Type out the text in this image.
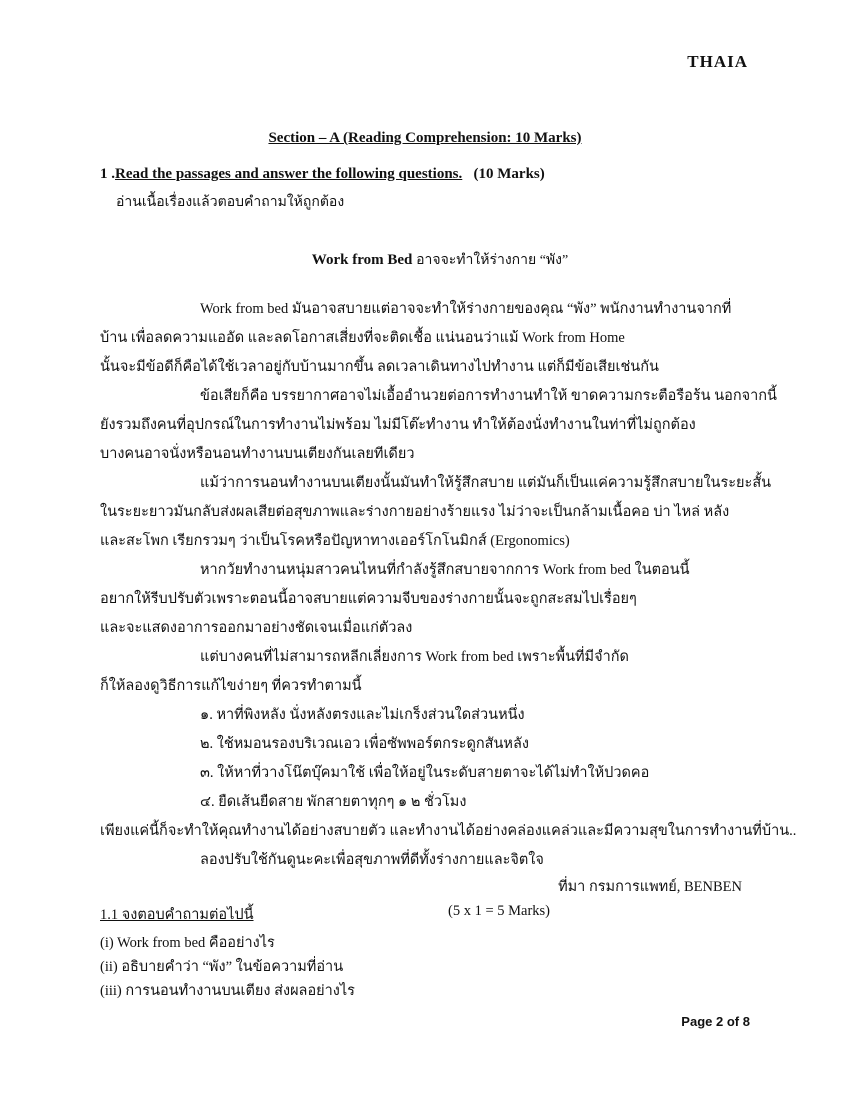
THAIA
Section – A (Reading Comprehension: 10 Marks)
1 .Read the passages and answer the following questions. (10 Marks)
อ่านเนื้อเรื่องแล้วตอบคำถามให้ถูกต้อง
Work from Bed อาจจะทำให้ร่างกาย “พัง”
Work from bed มันอาจสบายแต่อาจจะทำให้ร่างกายของคุณ “พัง” พนักงานทำงานจากที่
บ้าน เพื่อลดความแออัด และลดโอกาสเสี่ยงที่จะติดเชื้อ แน่นอนว่าแม้ Work from Home
นั้นจะมีข้อดีก็คือได้ใช้เวลาอยู่กับบ้านมากขึ้น ลดเวลาเดินทางไปทำงาน แต่ก็มีข้อเสียเช่นกัน
ข้อเสียก็คือ บรรยากาศอาจไม่เอื้ออำนวยต่อการทำงานทำให้ ขาดความกระตือรือร้น นอกจากนี้
ยังรวมถึงคนที่อุปกรณ์ในการทำงานไม่พร้อม ไม่มีโต๊ะทำงาน ทำให้ต้องนั่งทำงานในท่าที่ไม่ถูกต้อง
บางคนอาจนั่งหรือนอนทำงานบนเตียงกันเลยทีเดียว
แม้ว่าการนอนทำงานบนเตียงนั้นมันทำให้รู้สึกสบาย แต่มันก็เป็นแค่ความรู้สึกสบายในระยะสั้น
ในระยะยาวมันกลับส่งผลเสียต่อสุขภาพและร่างกายอย่างร้ายแรง ไม่ว่าจะเป็นกล้ามเนื้อคอ บ่า ไหล่ หลัง
และสะโพก เรียกรวมๆ ว่าเป็นโรคหรือปัญหาทางเออร์โกโนมิกส์ (Ergonomics)
หากวัยทำงานหนุ่มสาวคนไหนที่กำลังรู้สึกสบายจากการ Work from bed ในตอนนี้
อยากให้รีบปรับตัวเพราะตอนนี้อาจสบายแต่ความจีบของร่างกายนั้นจะถูกสะสมไปเรื่อยๆ
และจะแสดงอาการออกมาอย่างชัดเจนเมื่อแก่ตัวลง
แต่บางคนที่ไม่สามารถหลีกเลี่ยงการ Work from bed เพราะพื้นที่มีจำกัด
ก็ให้ลองดูวิธีการแก้ไขง่ายๆ ที่ควรทำตามนี้
๑. หาที่พิงหลัง นั่งหลังตรงและไม่เกร็งส่วนใดส่วนหนึ่ง
๒. ใช้หมอนรองบริเวณเอว เพื่อซัพพอร์ตกระดูกสันหลัง
๓. ให้หาที่วางโน๊ตบุ๊คมาใช้ เพื่อให้อยู่ในระดับสายตาจะได้ไม่ทำให้ปวดคอ
๔. ยืดเส้นยืดสาย พักสายตาทุกๆ ๑ ๒ ชั่วโมง
เพียงแค่นี้ก็จะทำให้คุณทำงานได้อย่างสบายตัว และทำงานได้อย่างคล่องแคล่วและมีความสุขในการทำงานที่บ้าน..
ลองปรับใช้กันดูนะคะเพื่อสุขภาพที่ดีทั้งร่างกายและจิตใจ
ที่มา กรมการแพทย์, BENBEN
1.1 จงตอบคำถามต่อไปนี้	(5 x 1 = 5 Marks)
(i) Work from bed คืออย่างไร
(ii) อธิบายคำว่า “พัง” ในข้อความที่อ่าน
(iii) การนอนทำงานบนเตียง ส่งผลอย่างไร
Page 2 of 8
